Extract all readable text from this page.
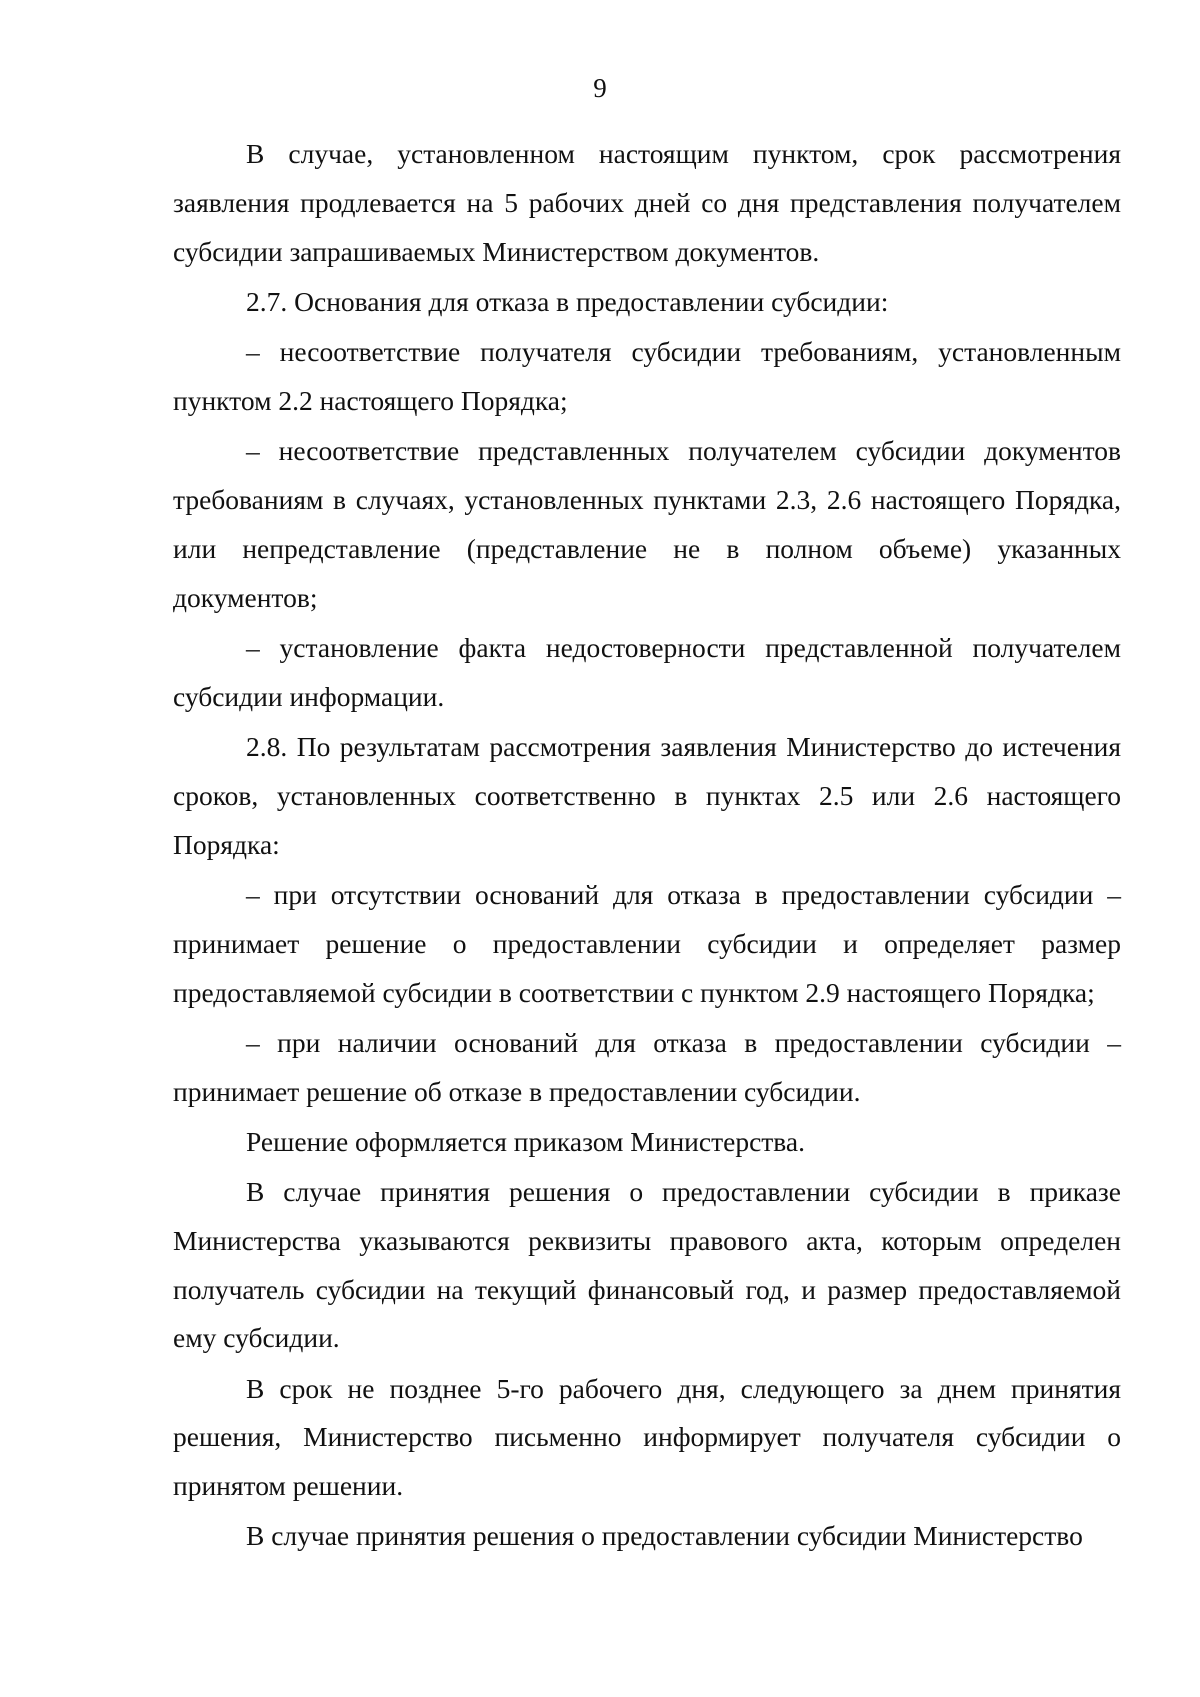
9

В случае, установленном настоящим пунктом, срок рассмотрения заявления продлевается на 5 рабочих дней со дня представления получателем субсидии запрашиваемых Министерством документов.

2.7. Основания для отказа в предоставлении субсидии:

– несоответствие получателя субсидии требованиям, установленным пунктом 2.2 настоящего Порядка;

– несоответствие представленных получателем субсидии документов требованиям в случаях, установленных пунктами 2.3, 2.6 настоящего Порядка, или непредставление (представление не в полном объеме) указанных документов;

– установление факта недостоверности представленной получателем субсидии информации.

2.8. По результатам рассмотрения заявления Министерство до истечения сроков, установленных соответственно в пунктах 2.5 или 2.6 настоящего Порядка:

– при отсутствии оснований для отказа в предоставлении субсидии – принимает решение о предоставлении субсидии и определяет размер предоставляемой субсидии в соответствии с пунктом 2.9 настоящего Порядка;

– при наличии оснований для отказа в предоставлении субсидии – принимает решение об отказе в предоставлении субсидии.

Решение оформляется приказом Министерства.

В случае принятия решения о предоставлении субсидии в приказе Министерства указываются реквизиты правового акта, которым определен получатель субсидии на текущий финансовый год, и размер предоставляемой ему субсидии.

В срок не позднее 5-го рабочего дня, следующего за днем принятия решения, Министерство письменно информирует получателя субсидии о принятом решении.

В случае принятия решения о предоставлении субсидии Министерство
